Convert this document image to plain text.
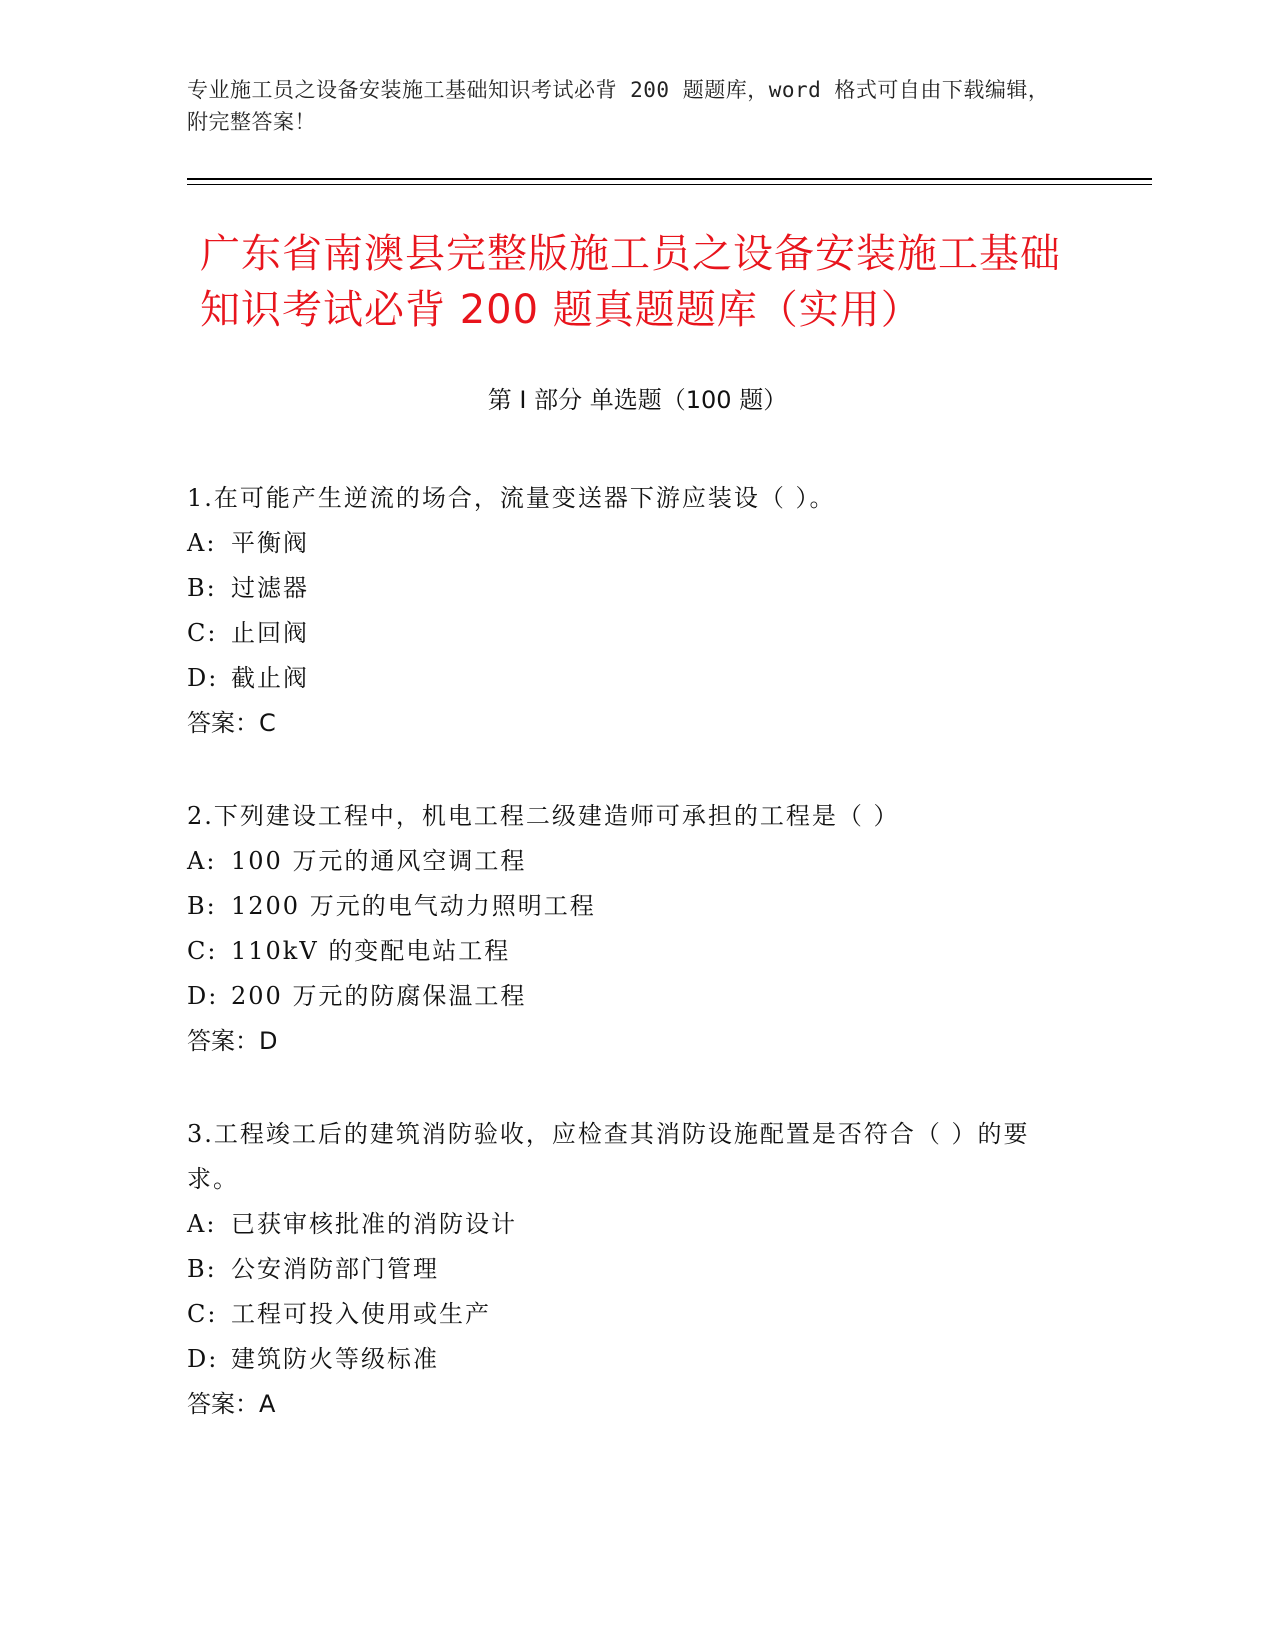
专业施工员之设备安装施工基础知识考试必背 200 题题库，word 格式可自由下载编辑，附完整答案！
广东省南澳县完整版施工员之设备安装施工基础知识考试必背 200 题真题题库（实用）
第 I 部分 单选题（100 题）

1.在可能产生逆流的场合，流量变送器下游应装设（ ）。

A: 平衡阀

B: 过滤器

C: 止回阀

D: 截止阀

答案：C

2.下列建设工程中，机电工程二级建造师可承担的工程是（ ）

A: 100 万元的通风空调工程

B: 1200 万元的电气动力照明工程

C: 110kV 的变配电站工程

D: 200 万元的防腐保温工程

答案：D

3.工程竣工后的建筑消防验收，应检查其消防设施配置是否符合（ ）的要求。

A: 已获审核批准的消防设计

B: 公安消防部门管理

C: 工程可投入使用或生产

D: 建筑防火等级标准

答案：A
